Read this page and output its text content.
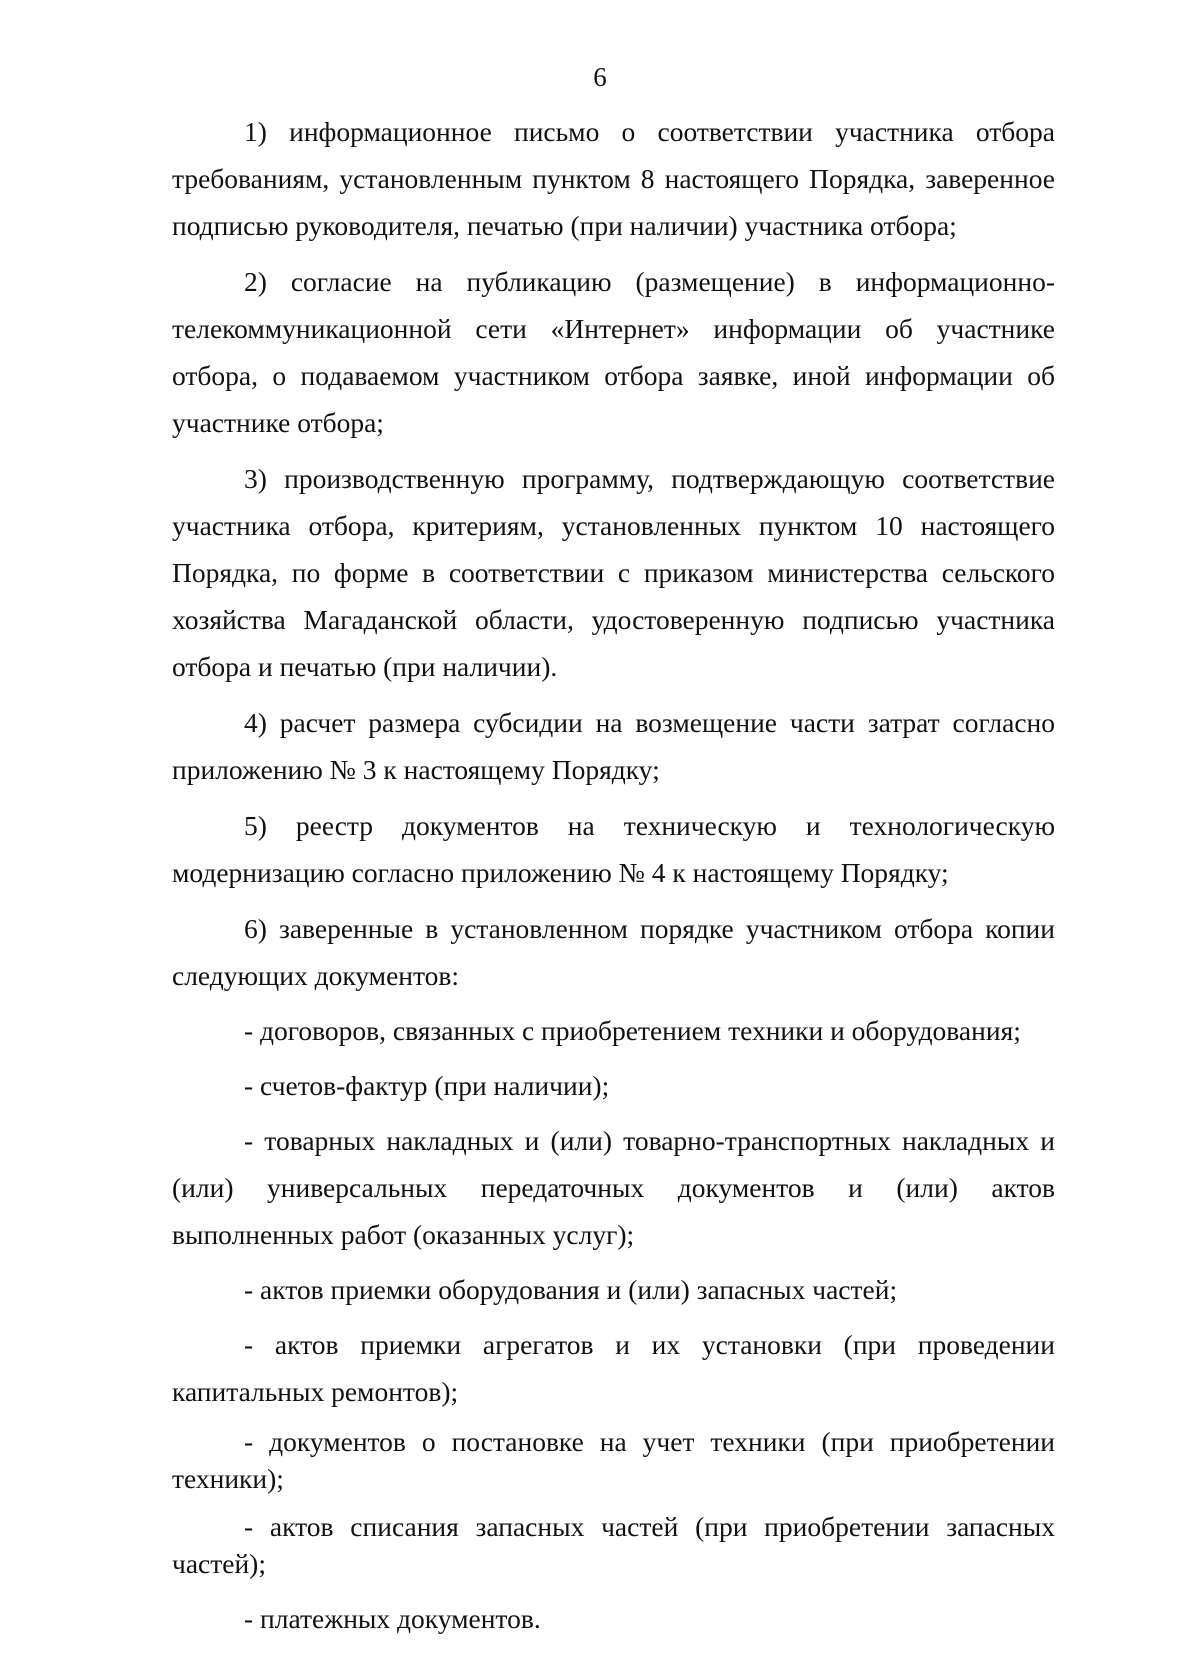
6

1) информационное письмо о соответствии участника отбора требованиям, установленным пунктом 8 настоящего Порядка, заверенное подписью руководителя, печатью (при наличии) участника отбора;

2) согласие на публикацию (размещение) в информационно-телекоммуникационной сети «Интернет» информации об участнике отбора, о подаваемом участником отбора заявке, иной информации об участнике отбора;

3) производственную программу, подтверждающую соответствие участника отбора, критериям, установленных пунктом 10 настоящего Порядка, по форме в соответствии с приказом министерства сельского хозяйства Магаданской области, удостоверенную подписью участника отбора и печатью (при наличии).

4) расчет размера субсидии на возмещение части затрат согласно приложению № 3 к настоящему Порядку;

5) реестр документов на техническую и технологическую модернизацию согласно приложению № 4 к настоящему Порядку;

6) заверенные в установленном порядке участником отбора копии следующих документов:

- договоров, связанных с приобретением техники и оборудования;

- счетов-фактур (при наличии);

- товарных накладных и (или) товарно-транспортных накладных и (или) универсальных передаточных документов и (или) актов выполненных работ (оказанных услуг);

- актов приемки оборудования и (или) запасных частей;

- актов приемки агрегатов и их установки (при проведении капитальных ремонтов);

- документов о постановке на учет техники (при приобретении техники);

- актов списания запасных частей (при приобретении запасных частей);

- платежных документов.
